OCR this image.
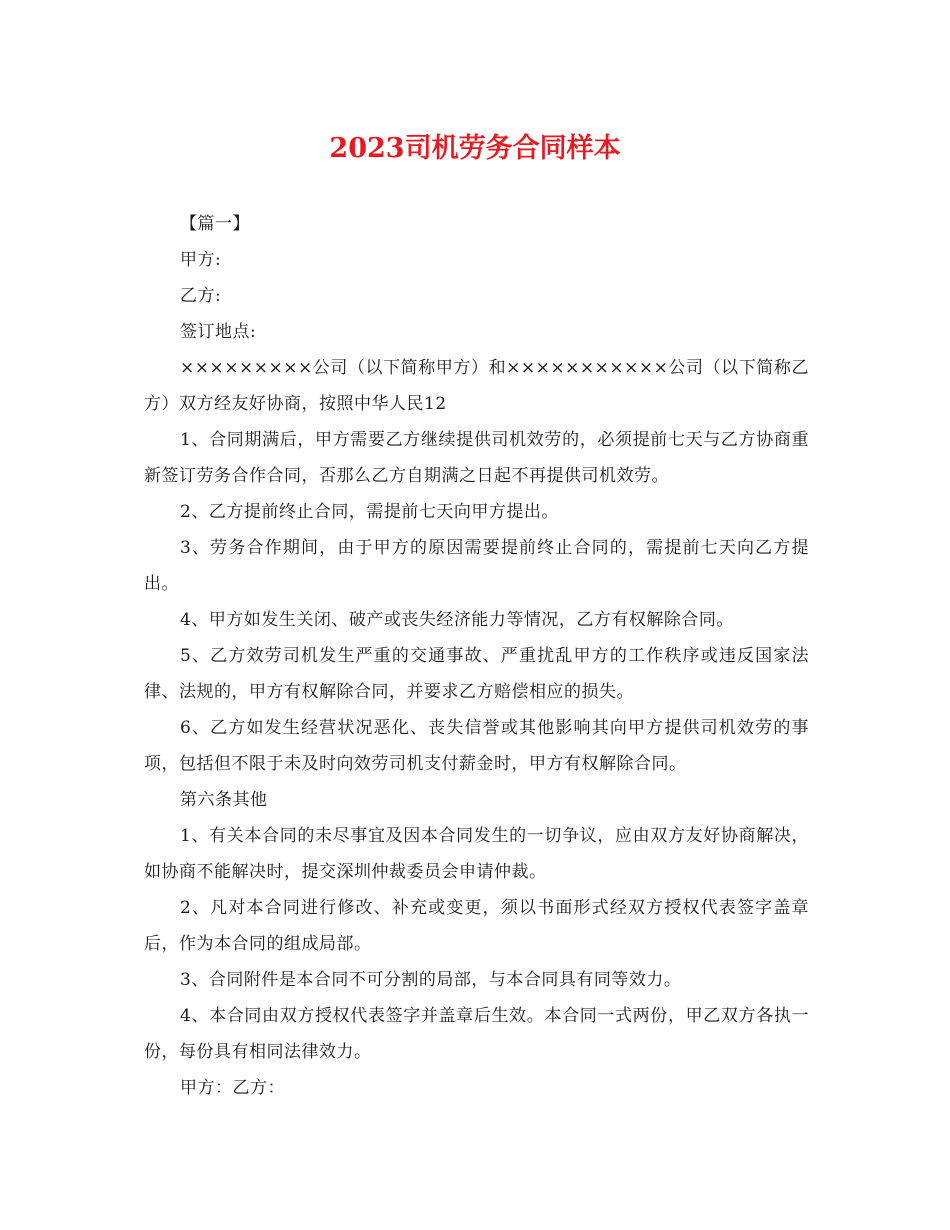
2023司机劳务合同样本

【篇一】

甲方:

乙方:

签订地点:

×××××××××公司（以下简称甲方）和×××××××××××公司（以下简称乙方）双方经友好协商，按照中华人民12

1、合同期满后，甲方需要乙方继续提供司机效劳的，必须提前七天与乙方协商重新签订劳务合作合同，否那么乙方自期满之日起不再提供司机效劳。

2、乙方提前终止合同，需提前七天向甲方提出。

3、劳务合作期间，由于甲方的原因需要提前终止合同的，需提前七天向乙方提出。

4、甲方如发生关闭、破产或丧失经济能力等情况，乙方有权解除合同。

5、乙方效劳司机发生严重的交通事故、严重扰乱甲方的工作秩序或违反国家法律、法规的，甲方有权解除合同，并要求乙方赔偿相应的损失。

6、乙方如发生经营状况恶化、丧失信誉或其他影响其向甲方提供司机效劳的事项，包括但不限于未及时向效劳司机支付薪金时，甲方有权解除合同。

第六条其他

1、有关本合同的未尽事宜及因本合同发生的一切争议，应由双方友好协商解决，如协商不能解决时，提交深圳仲裁委员会申请仲裁。

2、凡对本合同进行修改、补充或变更，须以书面形式经双方授权代表签字盖章后，作为本合同的组成局部。

3、合同附件是本合同不可分割的局部，与本合同具有同等效力。

4、本合同由双方授权代表签字并盖章后生效。本合同一式两份，甲乙双方各执一份，每份具有相同法律效力。

甲方：乙方：
